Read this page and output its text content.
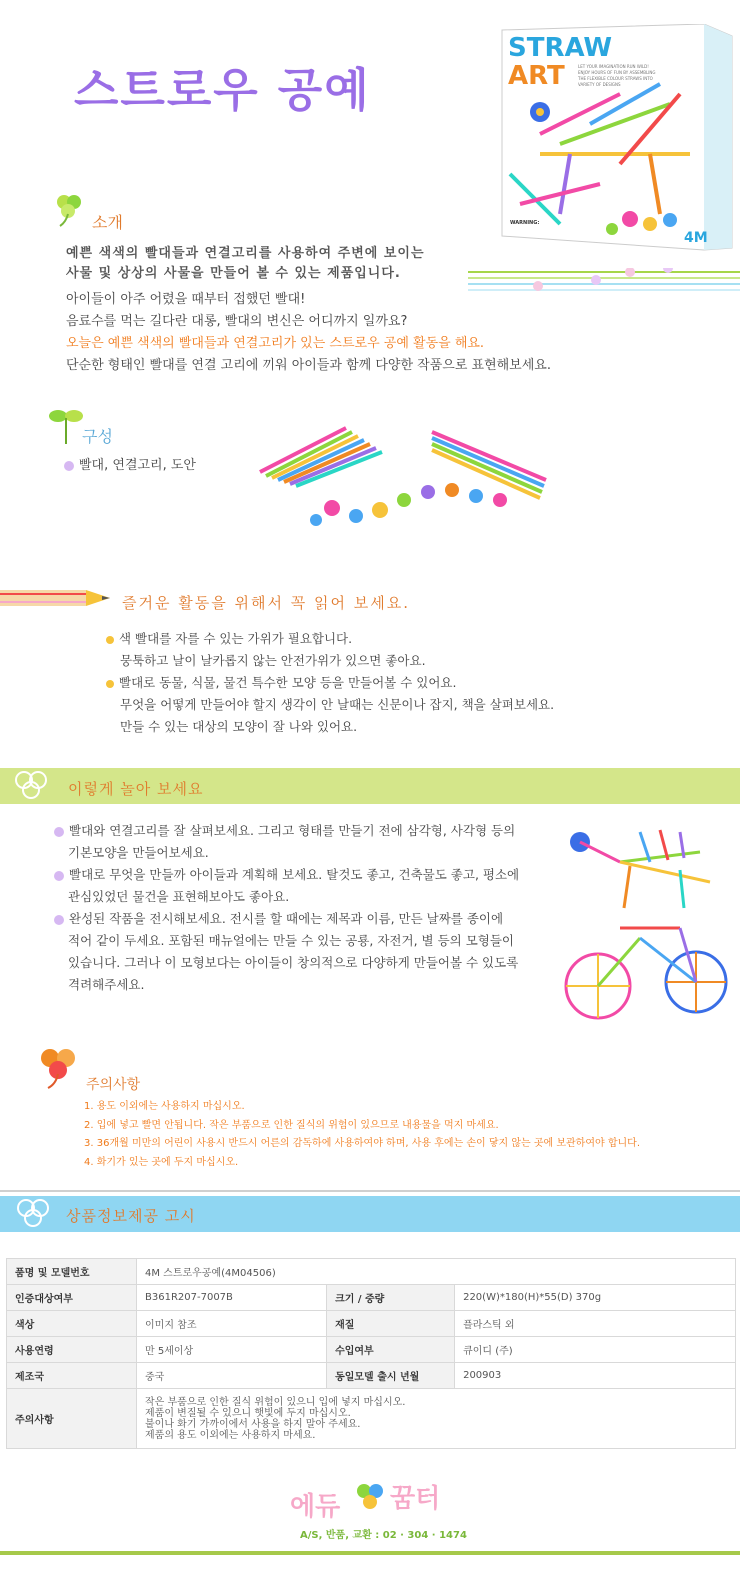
스트로우 공예
STRAW
ART	LET YOUR IMAGINATION RUN WILD!
ENJOY HOURS OF FUN BY ASSEMBLING
THE FLEXIBLE COLOUR STRAWS INTO
VARIETY OF DESIGNS
4M
WARNING:
소개
예쁜 색색의 빨대들과 연결고리를 사용하여 주변에 보이는
사물 및 상상의 사물을 만들어 볼 수 있는 제품입니다.
아이들이 아주 어렸을 때부터 접했던 빨대!
음료수를 먹는 길다란 대롱, 빨대의 변신은 어디까지 일까요?
오늘은 예쁜 색색의 빨대들과 연결고리가 있는 스트로우 공예 활동을 해요.
단순한 형태인 빨대를 연결 고리에 끼워 아이들과 함께 다양한 작품으로 표현해보세요.
구성
빨대, 연결고리, 도안
즐거운 활동을 위해서 꼭 읽어 보세요.
색 빨대를 자를 수 있는 가위가 필요합니다.
뭉툭하고 날이 날카롭지 않는 안전가위가 있으면 좋아요.
빨대로 동물, 식물, 물건 특수한 모양 등을 만들어볼 수 있어요.
무엇을 어떻게 만들어야 할지 생각이 안 날때는 신문이나 잡지, 책을 살펴보세요.
만들 수 있는 대상의 모양이 잘 나와 있어요.
이렇게 놀아 보세요
빨대와 연결고리를 잘 살펴보세요. 그리고 형태를 만들기 전에 삼각형, 사각형 등의
기본모양을 만들어보세요.
빨대로 무엇을 만들까 아이들과 계획해 보세요. 탈것도 좋고, 건축물도 좋고, 평소에
관심있었던 물건을 표현해보아도 좋아요.
완성된 작품을 전시해보세요. 전시를 할 때에는 제목과 이름, 만든 날짜를 종이에
적어 같이 두세요. 포함된 매뉴얼에는 만들 수 있는 공룡, 자전거, 별 등의 모형들이
있습니다. 그러나 이 모형보다는 아이들이 창의적으로 다양하게 만들어볼 수 있도록
격려해주세요.
주의사항
1. 용도 이외에는 사용하지 마십시오.
2. 입에 넣고 빨면 안됩니다. 작은 부품으로 인한 질식의 위험이 있으므로 내용물을 먹지 마세요.
3. 36개월 미만의 어린이 사용시 반드시 어른의 감독하에 사용하여야 하며, 사용 후에는 손이 닿지 않는 곳에 보관하여야 합니다.
4. 화기가 있는 곳에 두지 마십시오.
상품정보제공 고시
품명 및 모델번호	4M 스트로우공예(4M04506)		
인증대상여부	B361R207-7007B	크기 / 중량	220(W)*180(H)*55(D) 370g
색상	이미지 참조	재질	플라스틱 외
사용연령	만 5세이상	수입여부	큐이디 (주)
제조국	중국	동일모델 출시 년월	200903
주의사항	작은 부품으로 인한 질식 위험이 있으니 입에 넣지 마십시오.
제품이 변질될 수 있으니 햇빛에 두지 마십시오.
불이나 화기 가까이에서 사용을 하지 말아 주세요.
제품의 용도 이외에는 사용하지 마세요.		
에듀 꿈터
A/S, 반품, 교환 : 02 · 304 · 1474
